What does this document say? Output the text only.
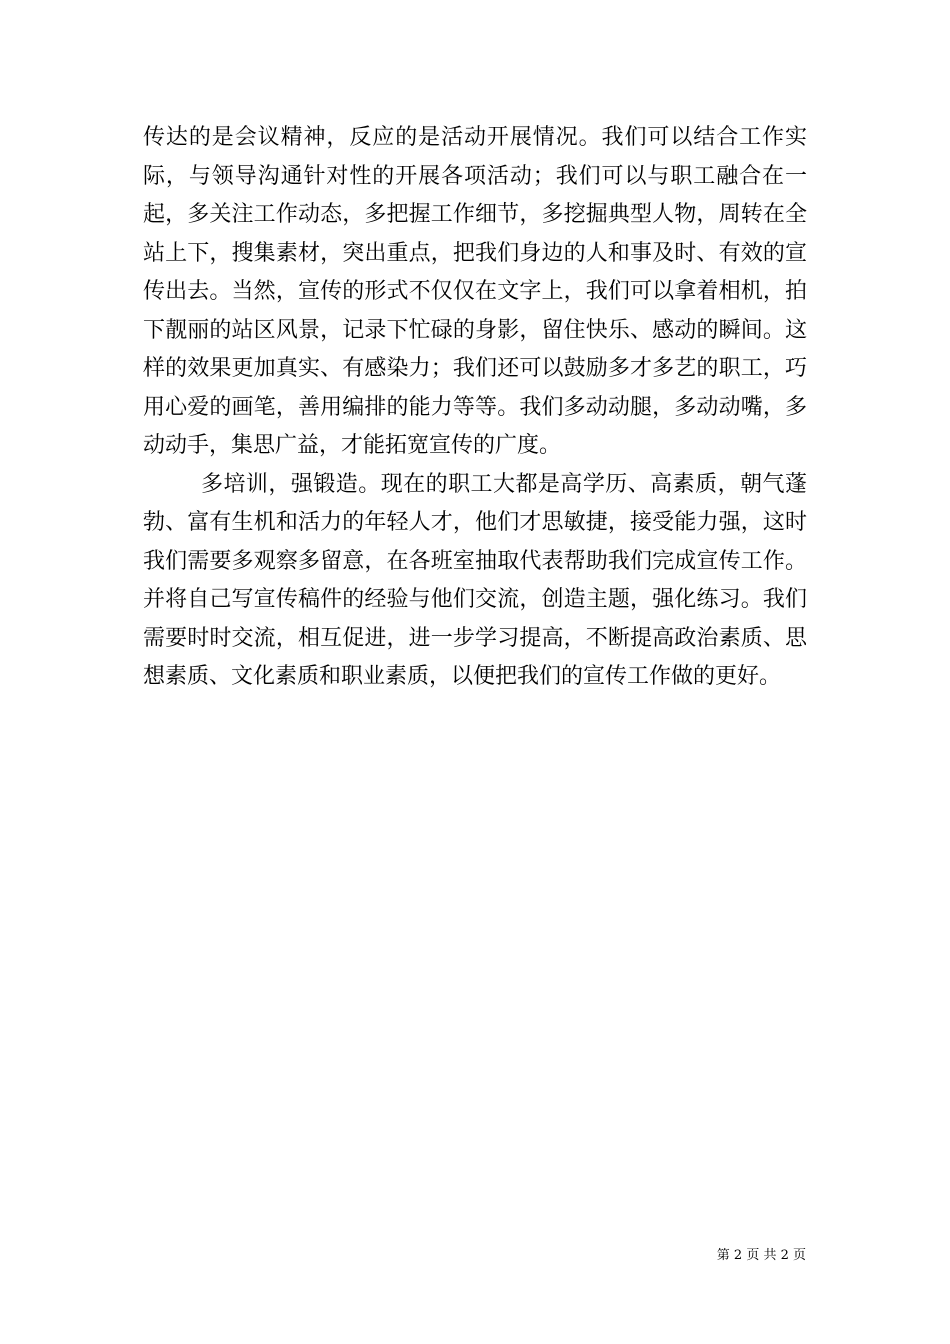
传达的是会议精神，反应的是活动开展情况。我们可以结合工作实际，与领导沟通针对性的开展各项活动；我们可以与职工融合在一起，多关注工作动态，多把握工作细节，多挖掘典型人物，周转在全站上下，搜集素材，突出重点，把我们身边的人和事及时、有效的宣传出去。当然，宣传的形式不仅仅在文字上，我们可以拿着相机，拍下靓丽的站区风景，记录下忙碌的身影，留住快乐、感动的瞬间。这样的效果更加真实、有感染力；我们还可以鼓励多才多艺的职工，巧用心爱的画笔，善用编排的能力等等。我们多动动腿，多动动嘴，多动动手，集思广益，才能拓宽宣传的广度。

多培训，强锻造。现在的职工大都是高学历、高素质，朝气蓬勃、富有生机和活力的年轻人才，他们才思敏捷，接受能力强，这时我们需要多观察多留意，在各班室抽取代表帮助我们完成宣传工作。并将自己写宣传稿件的经验与他们交流，创造主题，强化练习。我们需要时时交流，相互促进，进一步学习提高，不断提高政治素质、思想素质、文化素质和职业素质，以便把我们的宣传工作做的更好。

第 2 页 共 2 页
